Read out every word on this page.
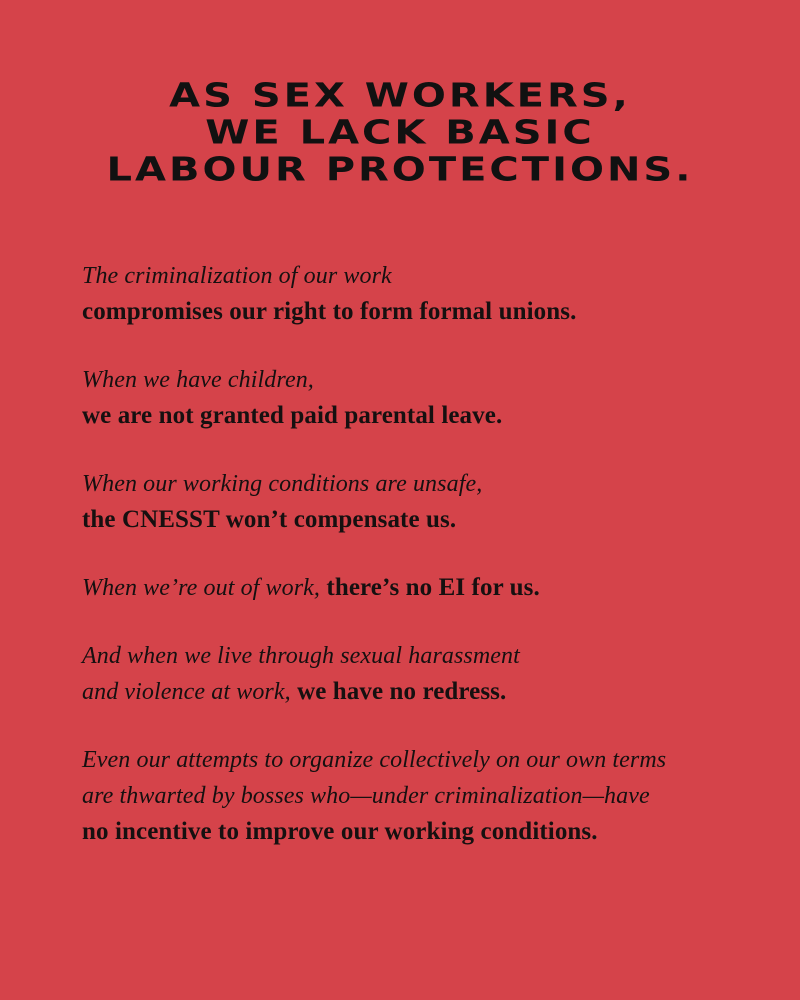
AS SEX WORKERS,
WE LACK BASIC
LABOUR PROTECTIONS.
The criminalization of our work
compromises our right to form formal unions.
When we have children,
we are not granted paid parental leave.
When our working conditions are unsafe,
the CNESST won’t compensate us.
When we’re out of work, there’s no EI for us.
And when we live through sexual harassment
and violence at work, we have no redress.
Even our attempts to organize collectively on our own terms
are thwarted by bosses who—under criminalization—have
no incentive to improve our working conditions.
